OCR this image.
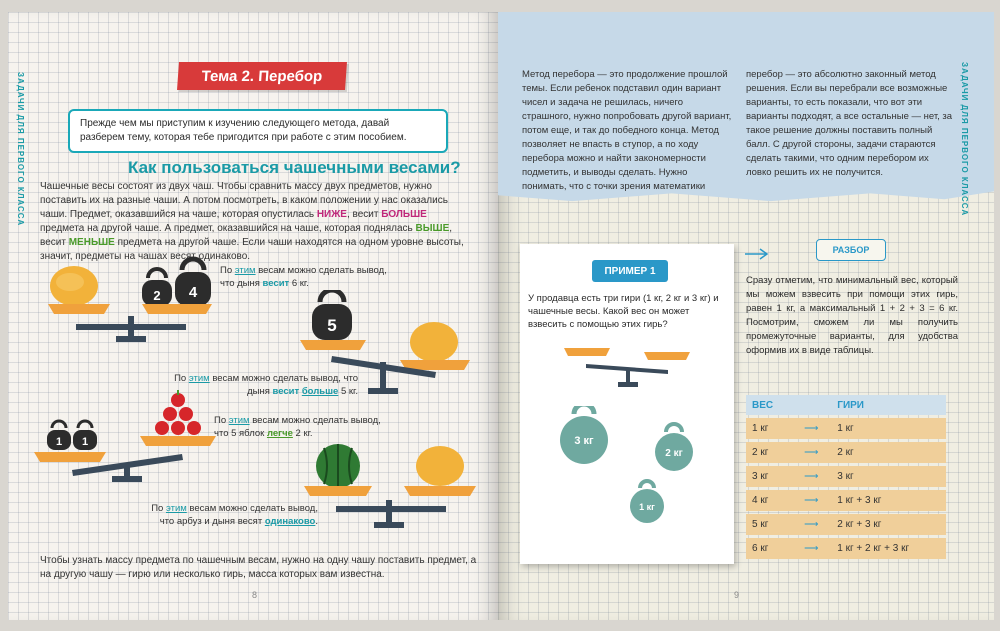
ЗАДАЧИ ДЛЯ ПЕРВОГО КЛАССА	Тема 2. Перебор
Прежде чем мы приступим к изучению следующего метода, давай разберем тему, которая тебе пригодится при работе с этим пособием.
Как пользоваться чашечными весами?
Чашечные весы состоят из двух чаш. Чтобы сравнить массу двух предметов, нужно поставить их на разные чаши. А потом посмотреть, в каком положении у нас оказались чаши. Предмет, оказавшийся на чаше, которая опустилась НИЖЕ, весит БОЛЬШЕ предмета на другой чаше. А предмет, оказавшийся на чаше, которая поднялась ВЫШЕ, весит МЕНЬШЕ предмета на другой чаше. Если чаши находятся на одном уровне высоты, значит, предметы на чашах весят одинаково.
2 4
По этим весам можно сделать вывод, что дыня весит 6 кг.
5
По этим весам можно сделать вывод, что дыня весит больше 5 кг.
1 1
По этим весам можно сделать вывод, что 5 яблок легче 2 кг.
По этим весам можно сделать вывод, что арбуз и дыня весят одинаково.
Чтобы узнать массу предмета по чашечным весам, нужно на одну чашу поставить предмет, а на другую чашу — гирю или несколько гирь, масса которых вам известна.
8
ЗАДАЧИ ДЛЯ ПЕРВОГО КЛАССА
Метод перебора — это продолжение прошлой темы. Если ребенок подставил один вариант чисел и задача не решилась, ничего страшного, нужно попробовать другой вариант, потом еще, и так до победного конца. Метод позволяет не впасть в ступор, а по ходу перебора можно и найти закономерности подметить, и выводы сделать. Нужно понимать, что с точки зрения математики
перебор — это абсолютно законный метод решения. Если вы перебрали все возможные варианты, то есть показали, что вот эти варианты подходят, а все остальные — нет, за такое решение должны поставить полный балл. С другой стороны, задачи стараются сделать такими, что одним перебором их ловко решить их не получится.
ПРИМЕР 1
У продавца есть три гири (1 кг, 2 кг и 3 кг) и чашечные весы. Какой вес он может взвесить с помощью этих гирь?
3 кг
2 кг
1 кг
РАЗБОР
Сразу отметим, что минимальный вес, который мы можем взвесить при помощи этих гирь, равен 1 кг, а максимальный 1 + 2 + 3 = 6 кг. Посмотрим, сможем ли мы получить промежуточные варианты, для удобства оформив их в виде таблицы.
ВЕС		ГИРИ
1 кг	⟶	1 кг
2 кг	⟶	2 кг
3 кг	⟶	3 кг
4 кг	⟶	1 кг + 3 кг
5 кг	⟶	2 кг + 3 кг
6 кг	⟶	1 кг + 2 кг + 3 кг
9
